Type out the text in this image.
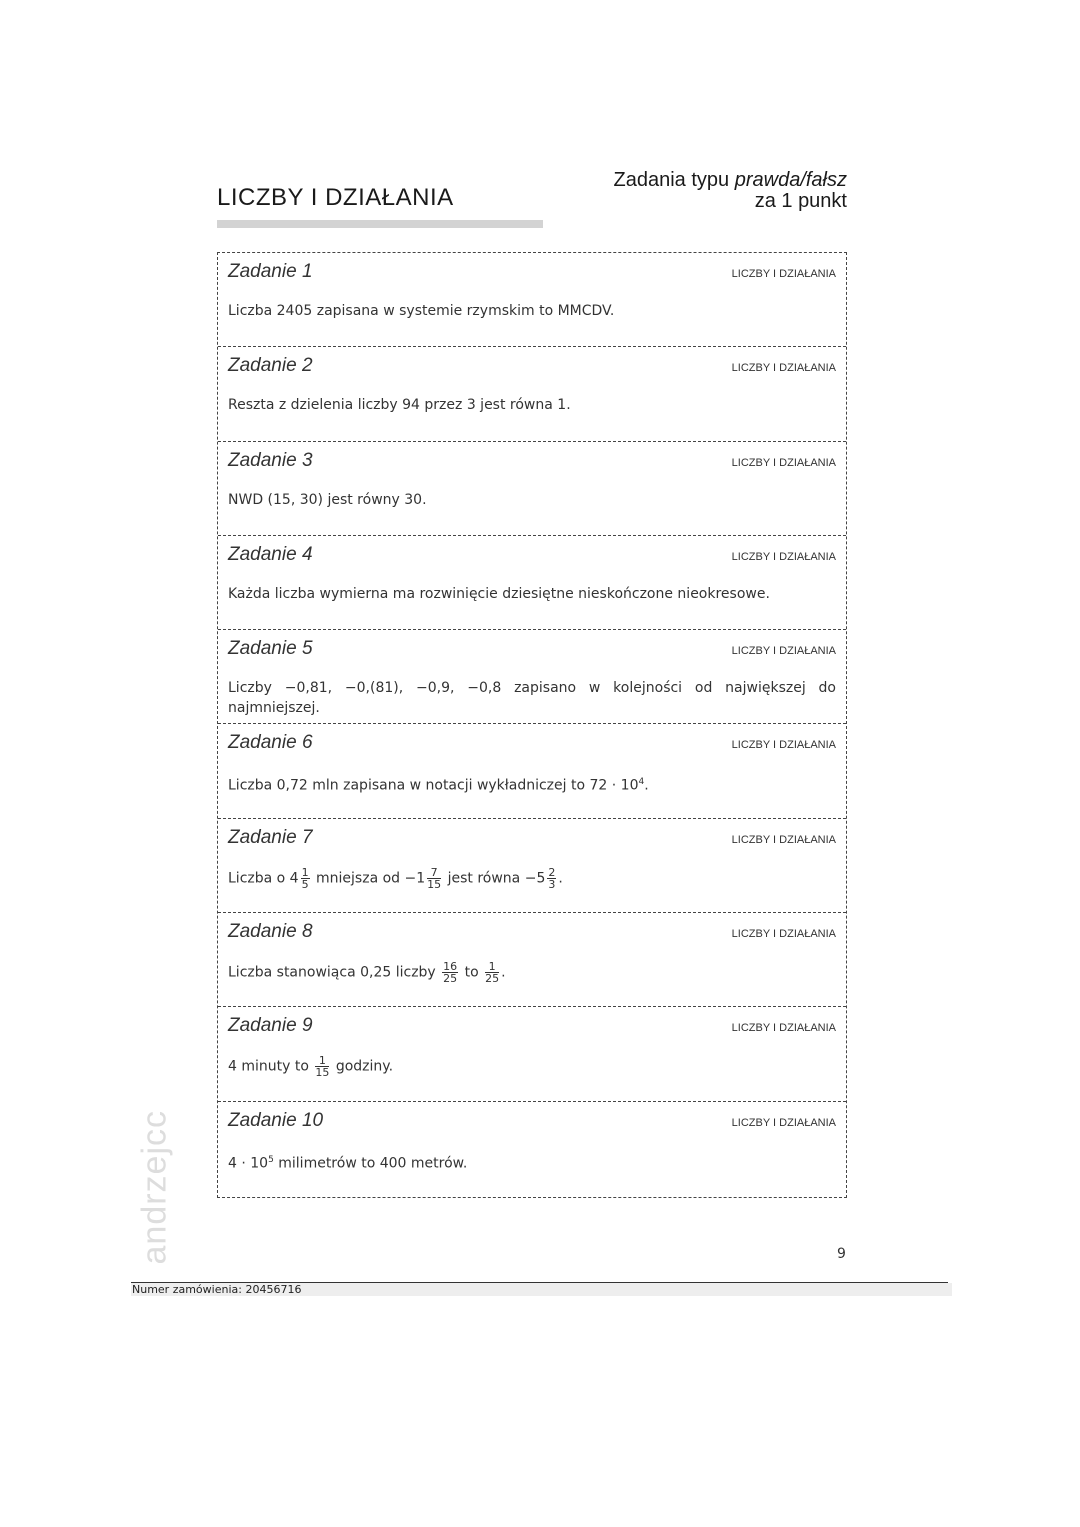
andrzejcc
LICZBY I DZIAŁANIA
Zadania typu prawda/fałsz
za 1 punkt
Zadanie 1	LICZBY I DZIAŁANIA
Liczba 2405 zapisana w systemie rzymskim to MMCDV.
Zadanie 2	LICZBY I DZIAŁANIA
Reszta z dzielenia liczby 94 przez 3 jest równa 1.
Zadanie 3	LICZBY I DZIAŁANIA
NWD (15, 30) jest równy 30.
Zadanie 4	LICZBY I DZIAŁANIA
Każda liczba wymierna ma rozwinięcie dziesiętne nieskończone nieokresowe.
Zadanie 5	LICZBY I DZIAŁANIA
Liczby −0,81, −0,(81), −0,9, −0,8 zapisano w kolejności od największej do najmniejszej.
Zadanie 6	LICZBY I DZIAŁANIA
Liczba 0,72 mln zapisana w notacji wykładniczej to $72 \cdot 10^4$.
Zadanie 7	LICZBY I DZIAŁANIA
Liczba o $4 \frac{1}{5}$ mniejsza od $-1 \frac{7}{15}$ jest równa $-5 \frac{2}{3}$ .
Zadanie 8	LICZBY I DZIAŁANIA
Liczba stanowiąca 0,25 liczby $\frac{16}{25}$ to $\frac{1}{25}$ .
Zadanie 9	LICZBY I DZIAŁANIA
4 minuty to $\frac{1}{15}$ godziny.
Zadanie 10	LICZBY I DZIAŁANIA
$4 \cdot 10^5$ milimetrów to 400 metrów.
9
Numer zamówienia: 20456716
